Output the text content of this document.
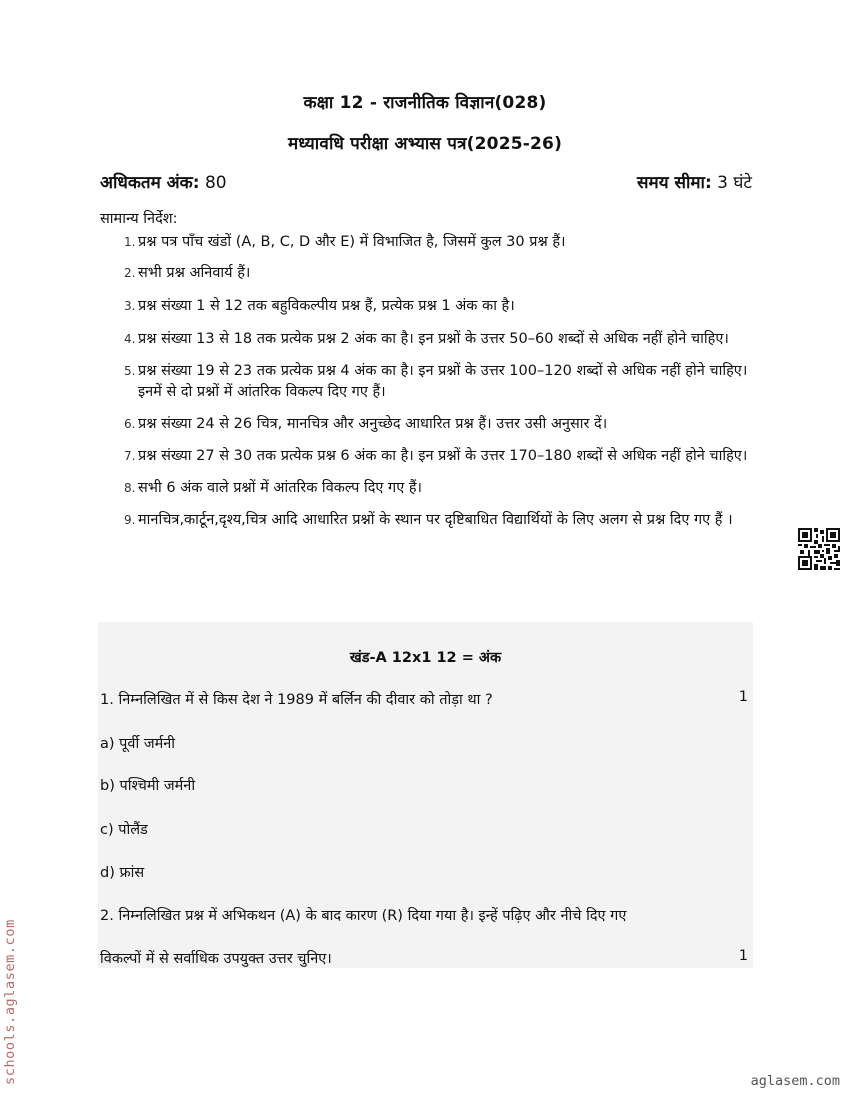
कक्षा 12 - राजनीतिक विज्ञान(028)
मध्यावधि परीक्षा अभ्यास पत्र(2025-26)
अधिकतम अंक: 80	समय सीमा: 3 घंटे
सामान्य निर्देश:
1 . प्रश्न पत्र पाँच खंडों (A, B, C, D और E) में विभाजित है, जिसमें कुल 30 प्रश्न हैं।
2 . सभी प्रश्न अनिवार्य हैं।
3 . प्रश्न संख्या 1 से 12 तक बहुविकल्पीय प्रश्न हैं, प्रत्येक प्रश्न 1 अंक का है।
4 . प्रश्न संख्या 13 से 18 तक प्रत्येक प्रश्न 2 अंक का है। इन प्रश्नों के उत्तर 50–60 शब्दों से अधिक नहीं होने चाहिए।
5 . प्रश्न संख्या 19 से 23 तक प्रत्येक प्रश्न 4 अंक का है। इन प्रश्नों के उत्तर 100–120 शब्दों से अधिक नहीं होने चाहिए। इनमें से दो प्रश्नों में आंतरिक विकल्प दिए गए हैं।
6 . प्रश्न संख्या 24 से 26 चित्र, मानचित्र और अनुच्छेद आधारित प्रश्न हैं। उत्तर उसी अनुसार दें।
7 . प्रश्न संख्या 27 से 30 तक प्रत्येक प्रश्न 6 अंक का है। इन प्रश्नों के उत्तर 170–180 शब्दों से अधिक नहीं होने चाहिए।
8 . सभी 6 अंक वाले प्रश्नों में आंतरिक विकल्प दिए गए हैं।
9 . मानचित्र,कार्टून,दृश्य,चित्र आदि आधारित प्रश्नों के स्थान पर दृष्टिबाधित विद्यार्थियों के लिए अलग से प्रश्न दिए गए हैं ।
खंड-A 12x1 12 = अंक
1. निम्नलिखित में से किस देश ने 1989 में बर्लिन की दीवार को तोड़ा था ?	1
a) पूर्वी जर्मनी
b) पश्चिमी जर्मनी
c) पोलैंड
d) फ्रांस
2. निम्नलिखित प्रश्न में अभिकथन (A) के बाद कारण (R) दिया गया है। इन्हें पढ़िए और नीचे दिए गए
विकल्पों में से सर्वाधिक उपयुक्त उत्तर चुनिए।	1
schools.aglasem.com	aglasem.com
